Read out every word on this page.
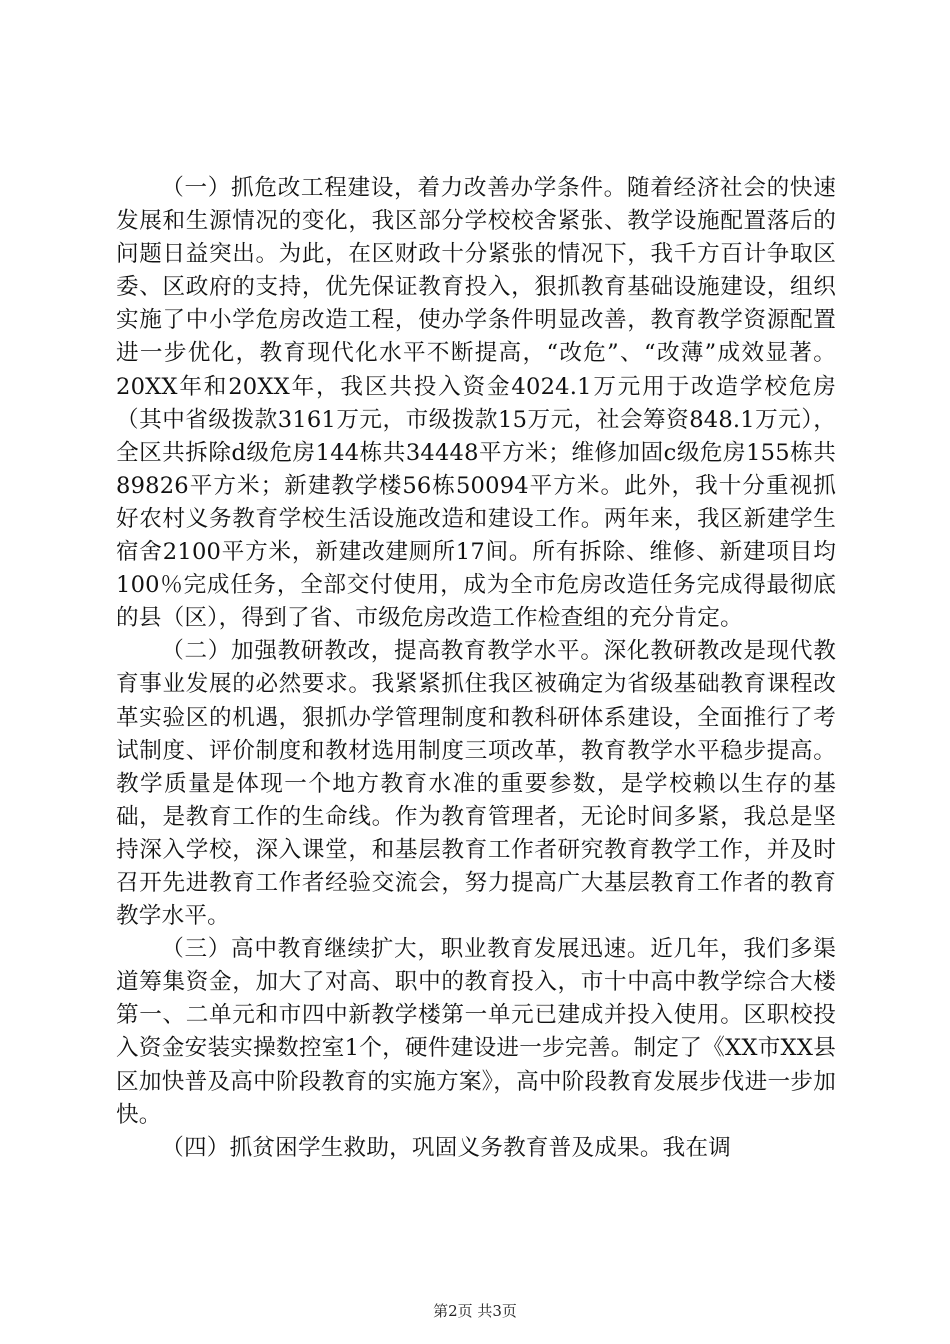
（一）抓危改工程建设，着力改善办学条件。随着经济社会的快速发展和生源情况的变化，我区部分学校校舍紧张、教学设施配置落后的问题日益突出。为此，在区财政十分紧张的情况下，我千方百计争取区委、区政府的支持，优先保证教育投入，狠抓教育基础设施建设，组织实施了中小学危房改造工程，使办学条件明显改善，教育教学资源配置进一步优化，教育现代化水平不断提高，“改危”、“改薄”成效显著。20XX年和20XX年，我区共投入资金4024.1万元用于改造学校危房（其中省级拨款3161万元，市级拨款15万元，社会筹资848.1万元），全区共拆除d级危房144栋共34448平方米；维修加固c级危房155栋共89826平方米；新建教学楼56栋50094平方米。此外，我十分重视抓好农村义务教育学校生活设施改造和建设工作。两年来，我区新建学生宿舍2100平方米，新建改建厕所17间。所有拆除、维修、新建项目均100％完成任务，全部交付使用，成为全市危房改造任务完成得最彻底的县（区），得到了省、市级危房改造工作检查组的充分肯定。

（二）加强教研教改，提高教育教学水平。深化教研教改是现代教育事业发展的必然要求。我紧紧抓住我区被确定为省级基础教育课程改革实验区的机遇，狠抓办学管理制度和教科研体系建设，全面推行了考试制度、评价制度和教材选用制度三项改革，教育教学水平稳步提高。教学质量是体现一个地方教育水准的重要参数，是学校赖以生存的基础，是教育工作的生命线。作为教育管理者，无论时间多紧，我总是坚持深入学校，深入课堂，和基层教育工作者研究教育教学工作，并及时召开先进教育工作者经验交流会，努力提高广大基层教育工作者的教育教学水平。

（三）高中教育继续扩大，职业教育发展迅速。近几年，我们多渠道筹集资金，加大了对高、职中的教育投入，市十中高中教学综合大楼第一、二单元和市四中新教学楼第一单元已建成并投入使用。区职校投入资金安装实操数控室1个，硬件建设进一步完善。制定了《XX市XX县区加快普及高中阶段教育的实施方案》，高中阶段教育发展步伐进一步加快。

（四）抓贫困学生救助，巩固义务教育普及成果。我在调

第2页 共3页
